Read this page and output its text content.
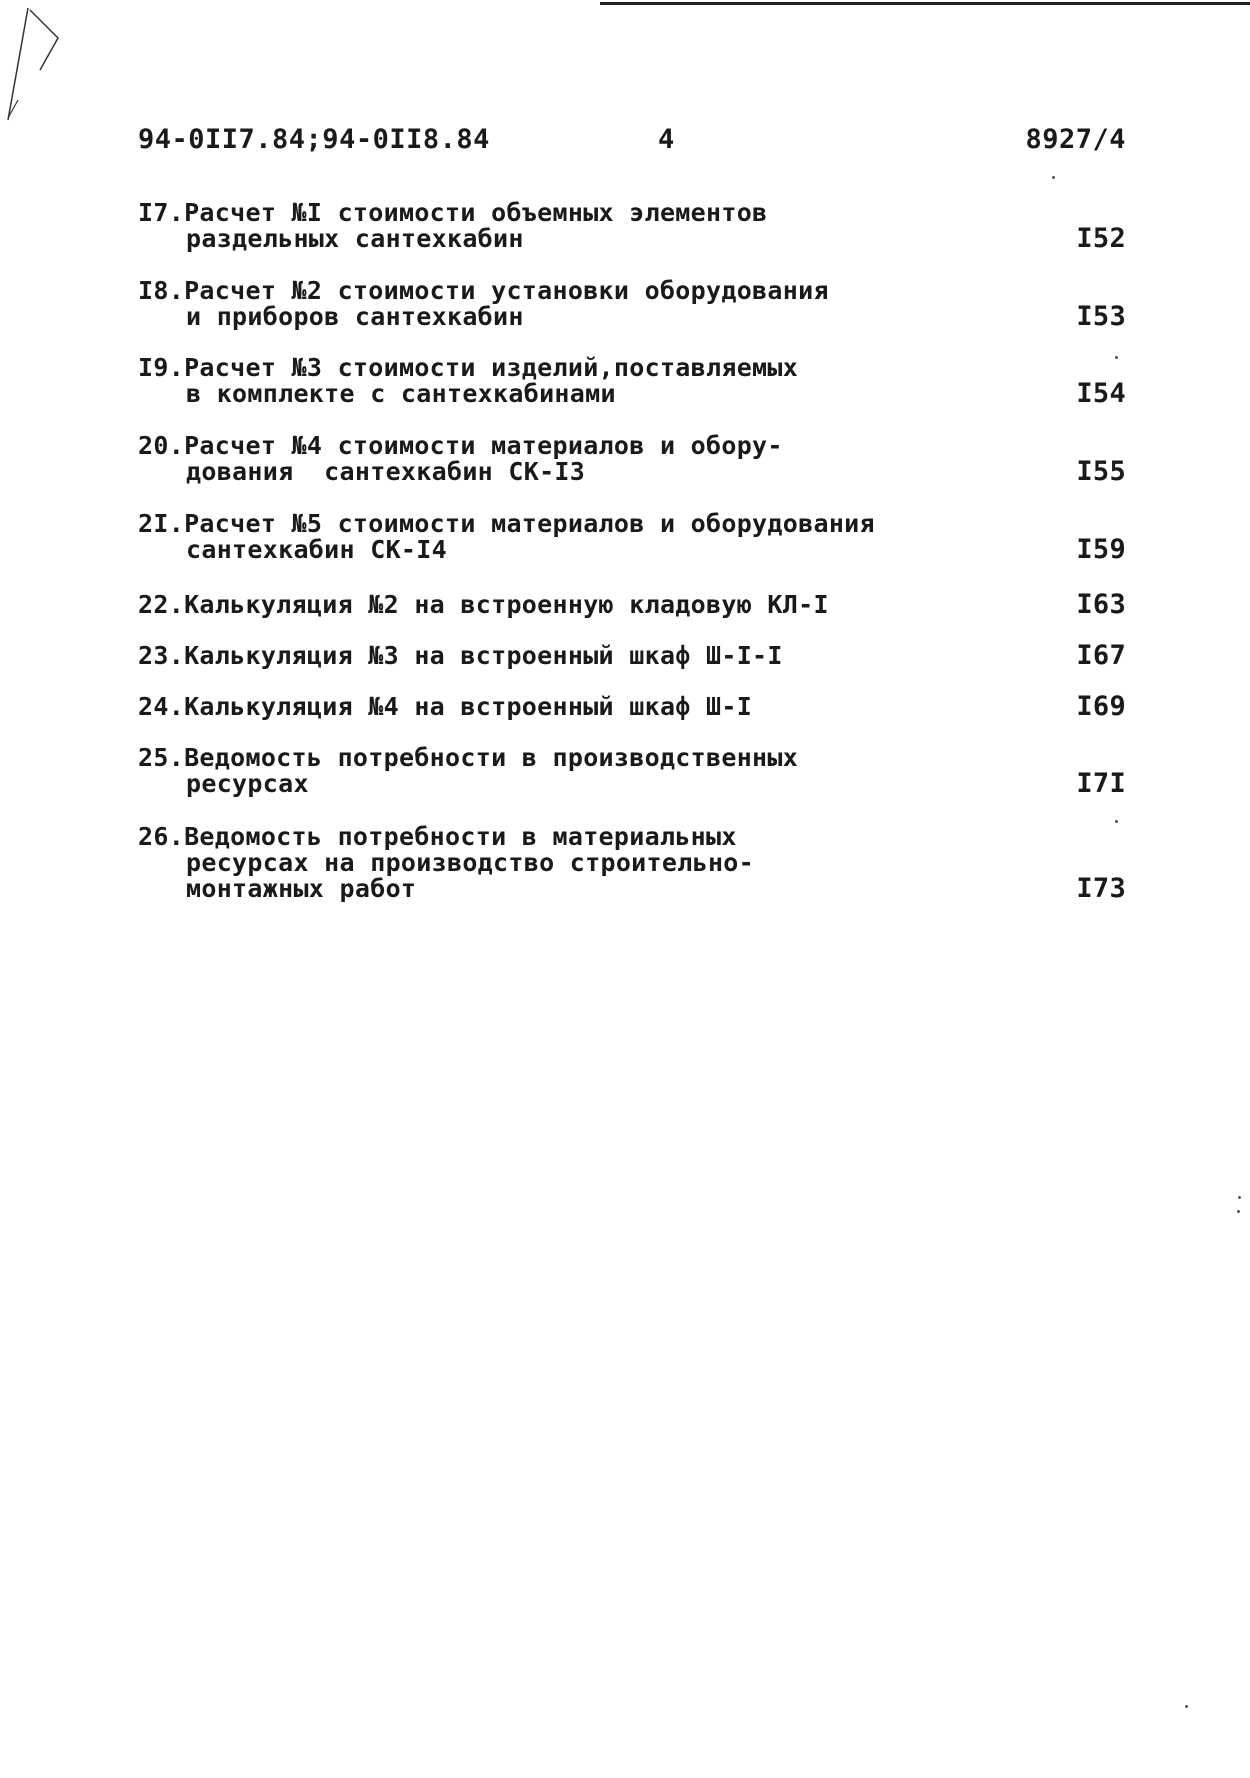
94-0II7.84;94-0II8.84	4	8927/4
I7.Расчет №I стоимости объемных элементов
раздельных сантехкабин	I52
I8.Расчет №2 стоимости установки оборудования
и приборов сантехкабин	I53
I9.Расчет №3 стоимости изделий,поставляемых
в комплекте с сантехкабинами	I54
20.Расчет №4 стоимости материалов и обору-
дования  сантехкабин СК-I3	I55
2I.Расчет №5 стоимости материалов и оборудования
сантехкабин СК-I4	I59
22.Калькуляция №2 на встроенную кладовую КЛ-I	I63
23.Калькуляция №3 на встроенный шкаф Ш-I-I	I67
24.Калькуляция №4 на встроенный шкаф Ш-I	I69
25.Ведомость потребности в производственных
ресурсах	I7I
26.Ведомость потребности в материальных
ресурсах на производство строительно-
монтажных работ	I73
